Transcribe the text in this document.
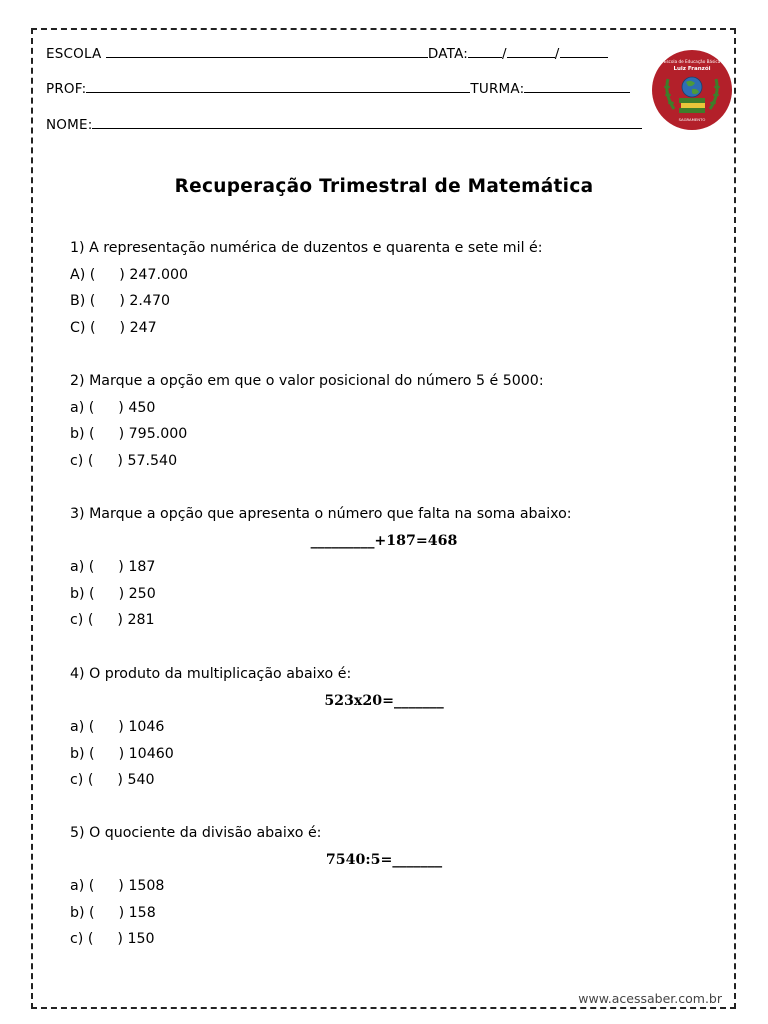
ESCOLA	DATA:	/	/
PROF:	TURMA:
NOME:
Escola de Educação Básica
Luiz Franzói
SAGRAMENTO
Recuperação Trimestral de Matemática
1) A representação numérica de duzentos e quarenta e sete mil é:
A) ( ) 247.000
B) ( ) 2.470
C) ( ) 247
2) Marque a opção em que o valor posicional do número 5 é 5000:
a) ( ) 450
b) ( ) 795.000
c) ( ) 57.540
3) Marque a opção que apresenta o número que falta na soma abaixo:
_________+187=468
a) ( ) 187
b) ( ) 250
c) ( ) 281
4) O produto da multiplicação abaixo é:
523x20=_______
a) ( ) 1046
b) ( ) 10460
c) ( ) 540
5) O quociente da divisão abaixo é:
7540:5=_______
a) ( ) 1508
b) ( ) 158
c) ( ) 150
www.acessaber.com.br
